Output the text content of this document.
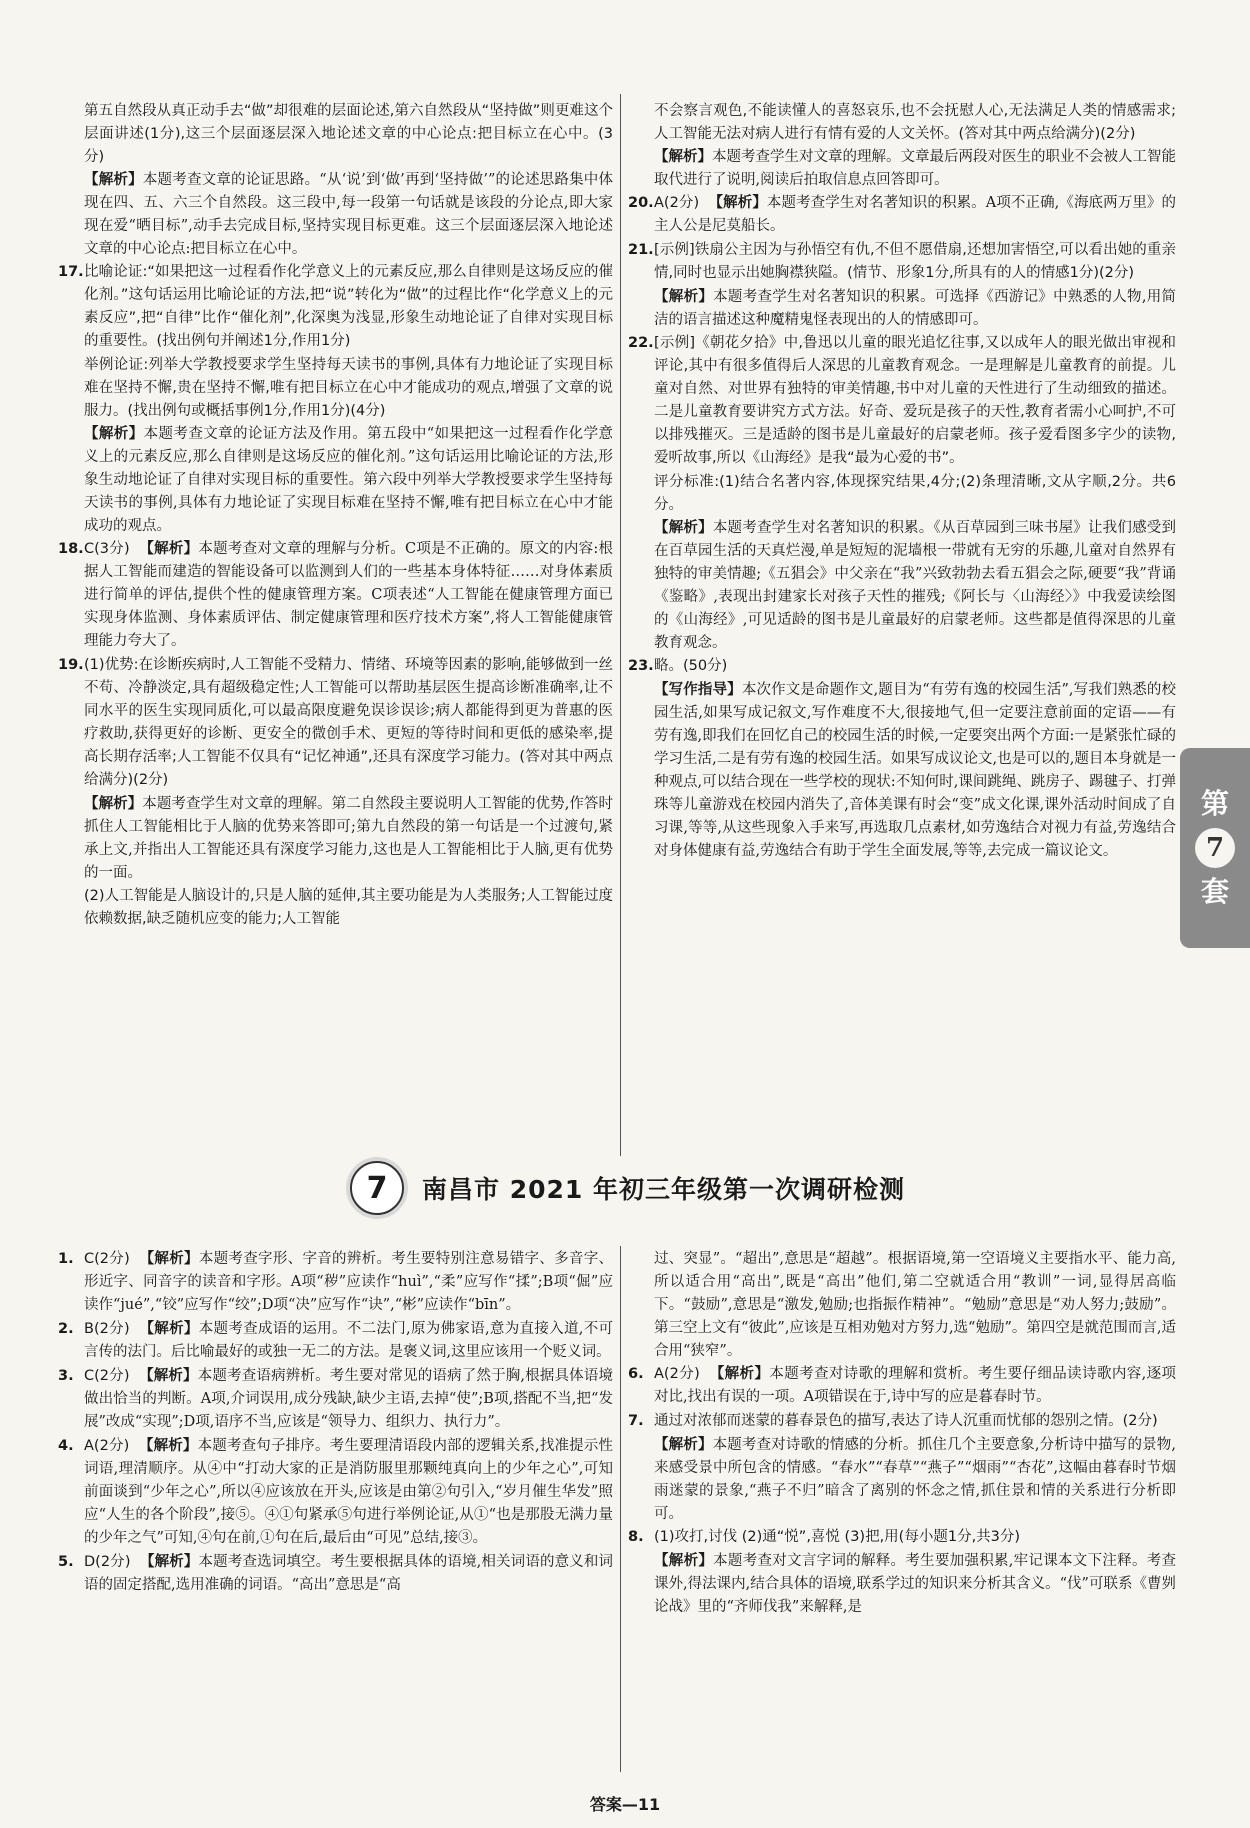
第五自然段从真正动手去“做”却很难的层面论述,第六自然段从“坚持做”则更难这个层面讲述(1分),这三个层面逐层深入地论述文章的中心论点:把目标立在心中。(3分)

【解析】本题考查文章的论证思路。“从‘说’到‘做’再到‘坚持做’”的论述思路集中体现在四、五、六三个自然段。这三段中,每一段第一句话就是该段的分论点,即大家现在爱“晒目标”,动手去完成目标,坚持实现目标更难。这三个层面逐层深入地论述文章的中心论点:把目标立在心中。

17. 比喻论证:“如果把这一过程看作化学意义上的元素反应,那么自律则是这场反应的催化剂。”这句话运用比喻论证的方法,把“说”转化为“做”的过程比作“化学意义上的元素反应”,把“自律”比作“催化剂”,化深奥为浅显,形象生动地论证了自律对实现目标的重要性。(找出例句并阐述1分,作用1分)

举例论证:列举大学教授要求学生坚持每天读书的事例,具体有力地论证了实现目标难在坚持不懈,贵在坚持不懈,唯有把目标立在心中才能成功的观点,增强了文章的说服力。(找出例句或概括事例1分,作用1分)(4分)

【解析】本题考查文章的论证方法及作用。第五段中“如果把这一过程看作化学意义上的元素反应,那么自律则是这场反应的催化剂。”这句话运用比喻论证的方法,形象生动地论证了自律对实现目标的重要性。第六段中列举大学教授要求学生坚持每天读书的事例,具体有力地论证了实现目标难在坚持不懈,唯有把目标立在心中才能成功的观点。

18. C(3分) 【解析】本题考查对文章的理解与分析。C项是不正确的。原文的内容:根据人工智能而建造的智能设备可以监测到人们的一些基本身体特征……对身体素质进行简单的评估,提供个性的健康管理方案。C项表述“人工智能在健康管理方面已实现身体监测、身体素质评估、制定健康管理和医疗技术方案”,将人工智能健康管理能力夸大了。
19. (1)优势:在诊断疾病时,人工智能不受精力、情绪、环境等因素的影响,能够做到一丝不苟、冷静淡定,具有超级稳定性;人工智能可以帮助基层医生提高诊断准确率,让不同水平的医生实现同质化,可以最高限度避免误诊误诊;病人都能得到更为普惠的医疗救助,获得更好的诊断、更安全的微创手术、更短的等待时间和更低的感染率,提高长期存活率;人工智能不仅具有“记忆神通”,还具有深度学习能力。(答对其中两点给满分)(2分)

【解析】本题考查学生对文章的理解。第二自然段主要说明人工智能的优势,作答时抓住人工智能相比于人脑的优势来答即可;第九自然段的第一句话是一个过渡句,紧承上文,并指出人工智能还具有深度学习能力,这也是人工智能相比于人脑,更有优势的一面。

(2)人工智能是人脑设计的,只是人脑的延伸,其主要功能是为人类服务;人工智能过度依赖数据,缺乏随机应变的能力;人工智能

不会察言观色,不能读懂人的喜怒哀乐,也不会抚慰人心,无法满足人类的情感需求;人工智能无法对病人进行有情有爱的人文关怀。(答对其中两点给满分)(2分)

【解析】本题考查学生对文章的理解。文章最后两段对医生的职业不会被人工智能取代进行了说明,阅读后拍取信息点回答即可。

20. A(2分) 【解析】本题考查学生对名著知识的积累。A项不正确,《海底两万里》的主人公是尼莫船长。
21. [示例]铁扇公主因为与孙悟空有仇,不但不愿借扇,还想加害悟空,可以看出她的重亲情,同时也显示出她胸襟狭隘。(情节、形象1分,所具有的人的情感1分)(2分)

【解析】本题考查学生对名著知识的积累。可选择《西游记》中熟悉的人物,用简洁的语言描述这种魔精鬼怪表现出的人的情感即可。

22. [示例]《朝花夕拾》中,鲁迅以儿童的眼光追忆往事,又以成年人的眼光做出审视和评论,其中有很多值得后人深思的儿童教育观念。一是理解是儿童教育的前提。儿童对自然、对世界有独特的审美情趣,书中对儿童的天性进行了生动细致的描述。二是儿童教育要讲究方式方法。好奇、爱玩是孩子的天性,教育者需小心呵护,不可以排残摧灭。三是适龄的图书是儿童最好的启蒙老师。孩子爱看图多字少的读物,爱听故事,所以《山海经》是我“最为心爱的书”。

评分标准:(1)结合名著内容,体现探究结果,4分;(2)条理清晰,文从字顺,2分。共6分。

【解析】本题考查学生对名著知识的积累。《从百草园到三味书屋》让我们感受到在百草园生活的天真烂漫,单是短短的泥墙根一带就有无穷的乐趣,儿童对自然界有独特的审美情趣;《五猖会》中父亲在“我”兴致勃勃去看五猖会之际,硬要“我”背诵《鉴略》,表现出封建家长对孩子天性的摧残;《阿长与〈山海经〉》中我爱读绘图的《山海经》,可见适龄的图书是儿童最好的启蒙老师。这些都是值得深思的儿童教育观念。

23. 略。(50分)

【写作指导】本次作文是命题作文,题目为“有劳有逸的校园生活”,写我们熟悉的校园生活,如果写成记叙文,写作难度不大,很接地气,但一定要注意前面的定语——有劳有逸,即我们在回忆自己的校园生活的时候,一定要突出两个方面:一是紧张忙碌的学习生活,二是有劳有逸的校园生活。如果写成议论文,也是可以的,题目本身就是一种观点,可以结合现在一些学校的现状:不知何时,课间跳绳、跳房子、踢毽子、打弹珠等儿童游戏在校园内消失了,音体美课有时会“变”成文化课,课外活动时间成了自习课,等等,从这些现象入手来写,再选取几点素材,如劳逸结合对视力有益,劳逸结合对身体健康有益,劳逸结合有助于学生全面发展,等等,去完成一篇议论文。

第
7
套
7	南昌市 2021 年初三年级第一次调研检测
1. C(2分) 【解析】本题考查字形、字音的辨析。考生要特别注意易错字、多音字、形近字、同音字的读音和字形。A项“秽”应读作“huì”,“柔”应写作“揉”;B项“倔”应读作“jué”,“铰”应写作“绞”;D项“决”应写作“诀”,“彬”应读作“bīn”。
2. B(2分) 【解析】本题考查成语的运用。不二法门,原为佛家语,意为直接入道,不可言传的法门。后比喻最好的或独一无二的方法。是褒义词,这里应该用一个贬义词。
3. C(2分) 【解析】本题考查语病辨析。考生要对常见的语病了然于胸,根据具体语境做出恰当的判断。A项,介词误用,成分残缺,缺少主语,去掉“使”;B项,搭配不当,把“发展”改成“实现”;D项,语序不当,应该是“领导力、组织力、执行力”。
4. A(2分) 【解析】本题考查句子排序。考生要理清语段内部的逻辑关系,找准提示性词语,理清顺序。从④中“打动大家的正是消防服里那颗纯真向上的少年之心”,可知前面谈到“少年之心”,所以④应该放在开头,应该是由第②句引入,“岁月催生华发”照应“人生的各个阶段”,接⑤。④①句紧承⑤句进行举例论证,从①“也是那股无满力量的少年之气”可知,④句在前,①句在后,最后由“可见”总结,接③。
5. D(2分) 【解析】本题考查选词填空。考生要根据具体的语境,相关词语的意义和词语的固定搭配,选用准确的词语。“高出”意思是“高

过、突显”。“超出”,意思是“超越”。根据语境,第一空语境义主要指水平、能力高,所以适合用“高出”,既是“高出”他们,第二空就适合用“教训”一词,显得居高临下。“鼓励”,意思是“激发,勉励;也指振作精神”。“勉励”意思是“劝人努力;鼓励”。第三空上文有“彼此”,应该是互相劝勉对方努力,选“勉励”。第四空是就范围而言,适合用“狭窄”。

6. A(2分) 【解析】本题考查对诗歌的理解和赏析。考生要仔细品读诗歌内容,逐项对比,找出有误的一项。A项错误在于,诗中写的应是暮春时节。
7. 通过对浓郁而迷蒙的暮春景色的描写,表达了诗人沉重而忧郁的怨别之情。(2分)

【解析】本题考查对诗歌的情感的分析。抓住几个主要意象,分析诗中描写的景物,来感受景中所包含的情感。“春水”“春草”“燕子”“烟雨”“杏花”,这幅由暮春时节烟雨迷蒙的景象,“燕子不归”暗含了离别的怀念之情,抓住景和情的关系进行分析即可。

8. (1)攻打,讨伐 (2)通“悦”,喜悦 (3)把,用(每小题1分,共3分)

【解析】本题考查对文言字词的解释。考生要加强积累,牢记课本文下注释。考查课外,得法课内,结合具体的语境,联系学过的知识来分析其含义。“伐”可联系《曹刿论战》里的“齐师伐我”来解释,是

答案—11
